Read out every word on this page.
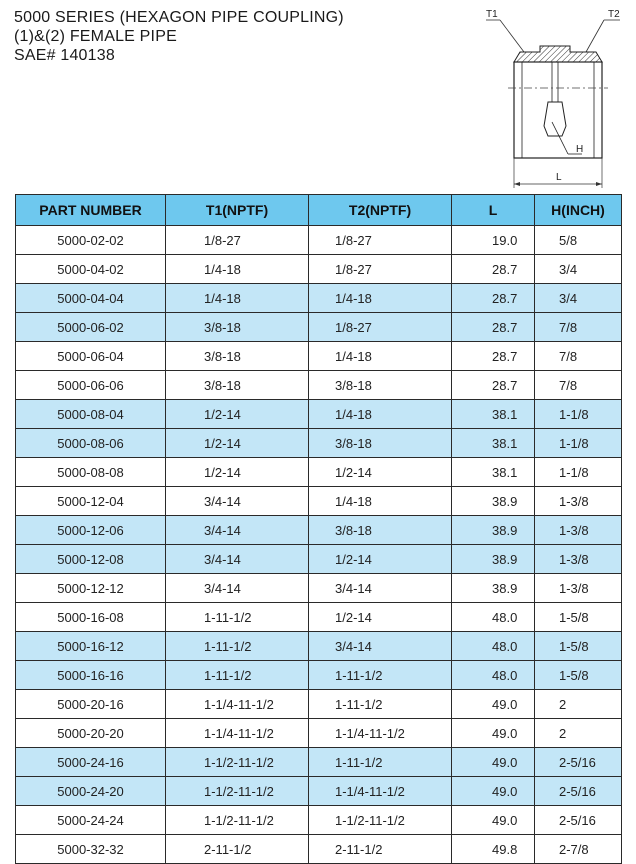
5000 SERIES (HEXAGON PIPE COUPLING)
(1)&(2) FEMALE PIPE
SAE# 140138
T1	T2
H
L
PART NUMBER	T1(NPTF)	T2(NPTF)	L	H(INCH)
5000-02-02	1/8-27	1/8-27	19.0	5/8
5000-04-02	1/4-18	1/8-27	28.7	3/4
5000-04-04	1/4-18	1/4-18	28.7	3/4
5000-06-02	3/8-18	1/8-27	28.7	7/8
5000-06-04	3/8-18	1/4-18	28.7	7/8
5000-06-06	3/8-18	3/8-18	28.7	7/8
5000-08-04	1/2-14	1/4-18	38.1	1-1/8
5000-08-06	1/2-14	3/8-18	38.1	1-1/8
5000-08-08	1/2-14	1/2-14	38.1	1-1/8
5000-12-04	3/4-14	1/4-18	38.9	1-3/8
5000-12-06	3/4-14	3/8-18	38.9	1-3/8
5000-12-08	3/4-14	1/2-14	38.9	1-3/8
5000-12-12	3/4-14	3/4-14	38.9	1-3/8
5000-16-08	1-11-1/2	1/2-14	48.0	1-5/8
5000-16-12	1-11-1/2	3/4-14	48.0	1-5/8
5000-16-16	1-11-1/2	1-11-1/2	48.0	1-5/8
5000-20-16	1-1/4-11-1/2	1-11-1/2	49.0	2
5000-20-20	1-1/4-11-1/2	1-1/4-11-1/2	49.0	2
5000-24-16	1-1/2-11-1/2	1-11-1/2	49.0	2-5/16
5000-24-20	1-1/2-11-1/2	1-1/4-11-1/2	49.0	2-5/16
5000-24-24	1-1/2-11-1/2	1-1/2-11-1/2	49.0	2-5/16
5000-32-32	2-11-1/2	2-11-1/2	49.8	2-7/8
